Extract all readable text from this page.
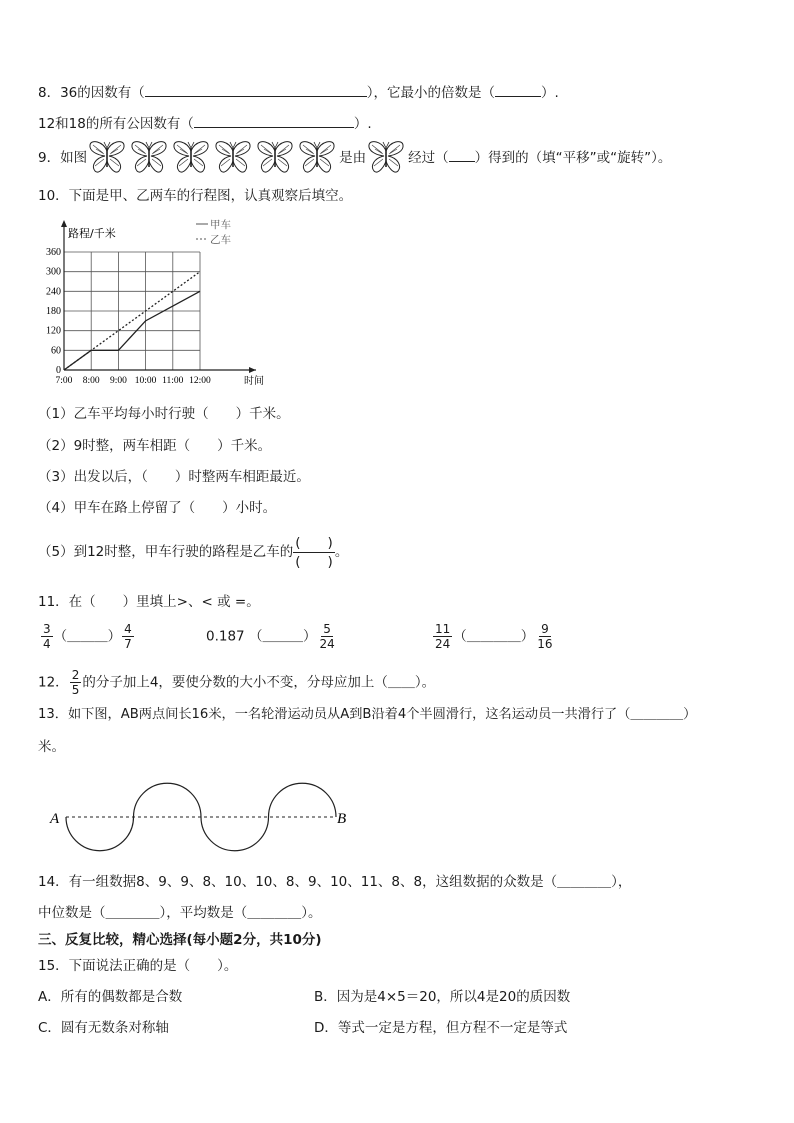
8．36的因数有（	），它最小的倍数是（	）.
12和18的所有公因数有（	）.
9．如图	是由	经过（ ）得到的（填“平移”或“旋转”）。
10．下面是甲、乙两车的行程图，认真观察后填空。
0
60
120
180
240
300
360
7:00 8:00 9:00 10:00 11:00 12:00
路程/千米
时间
甲车
乙车
（1）乙车平均每小时行驶（　　）千米。
（2）9时整，两车相距（　　）千米。
（3）出发以后，（　　）时整两车相距最近。
（4）甲车在路上停留了（　　）小时。
（5）到12时整，甲车行驶的路程是乙车的 $\frac{( )}{( )}$ 。
11．在（　　）里填上>、< 或 =。
$\frac{3}{4}$ （＿＿＿） $\frac{4}{7}$	0.187 （＿＿＿） $\frac{5}{24}$	$\frac{11}{24}$ （＿＿＿＿） $\frac{9}{16}$
12． $\frac{2}{5}$ 的分子加上4，要使分数的大小不变，分母应加上（＿＿）。
13．如下图，AB两点间长16米，一名轮滑运动员从A到B沿着4个半圆滑行，这名运动员一共滑行了（＿＿＿＿）
米。
A	B
14．有一组数据8、9、9、8、10、10、8、9、10、11、8、8，这组数据的众数是（＿＿＿＿），
中位数是（＿＿＿＿），平均数是（＿＿＿＿）。
三、反复比较，精心选择(每小题2分，共10分)
15．下面说法正确的是（　　）。
A．所有的偶数都是合数	B．因为是4×5＝20，所以4是20的质因数
C．圆有无数条对称轴	D．等式一定是方程，但方程不一定是等式
